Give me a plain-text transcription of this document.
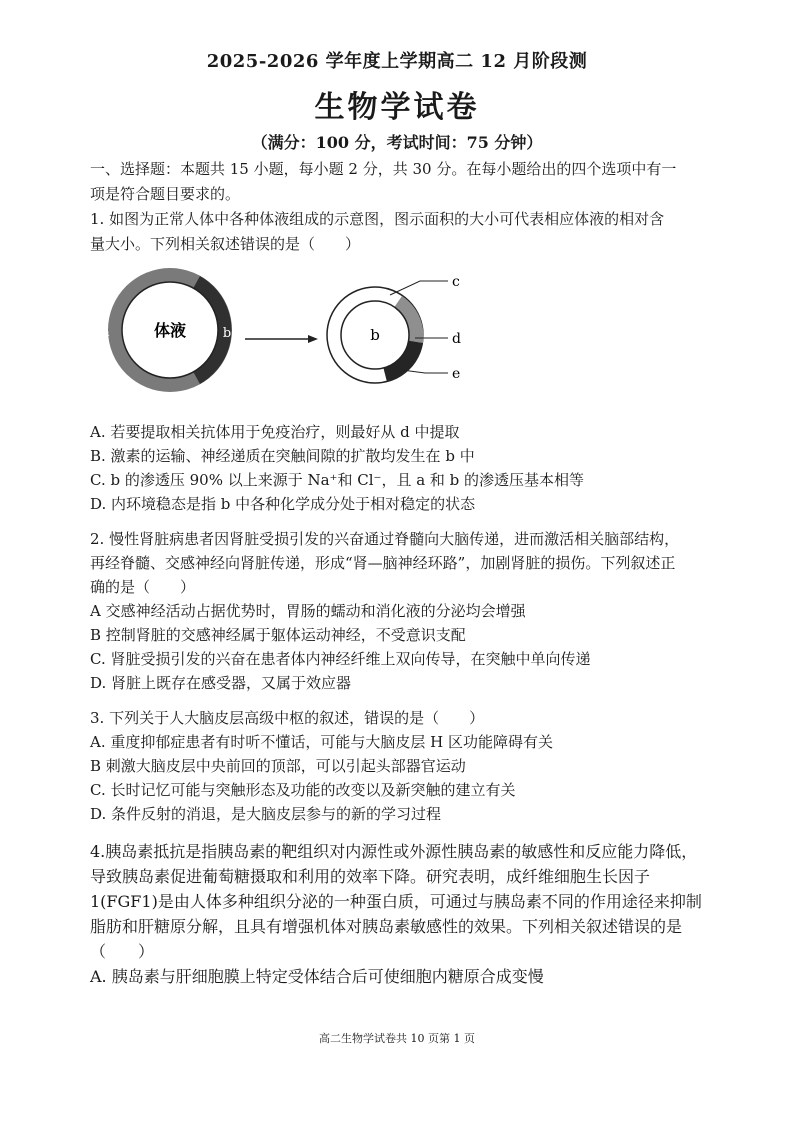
2025-2026 学年度上学期高二 12 月阶段测
生物学试卷
（满分：100 分，考试时间：75 分钟）
一、选择题：本题共 15 小题，每小题 2 分，共 30 分。在每小题给出的四个选项中有一
项是符合题目要求的。
1. 如图为正常人体中各种体液组成的示意图，图示面积的大小可代表相应体液的相对含
量大小。下列相关叙述错误的是（　　）
体液
a	b	b
c
d
e
A. 若要提取相关抗体用于免疫治疗，则最好从 d 中提取
B. 激素的运输、神经递质在突触间隙的扩散均发生在 b 中
C. b 的渗透压 90% 以上来源于 Na⁺和 Cl⁻，且 a 和 b 的渗透压基本相等
D. 内环境稳态是指 b 中各种化学成分处于相对稳定的状态
2. 慢性肾脏病患者因肾脏受损引发的兴奋通过脊髓向大脑传递，进而激活相关脑部结构，
再经脊髓、交感神经向肾脏传递，形成“肾—脑神经环路”，加剧肾脏的损伤。下列叙述正
确的是（　　）
A 交感神经活动占据优势时，胃肠的蠕动和消化液的分泌均会增强
B 控制肾脏的交感神经属于躯体运动神经，不受意识支配
C. 肾脏受损引发的兴奋在患者体内神经纤维上双向传导，在突触中单向传递
D. 肾脏上既存在感受器，又属于效应器
3. 下列关于人大脑皮层高级中枢的叙述，错误的是（　　）
A. 重度抑郁症患者有时听不懂话，可能与大脑皮层 H 区功能障碍有关
B 刺激大脑皮层中央前回的顶部，可以引起头部器官运动
C. 长时记忆可能与突触形态及功能的改变以及新突触的建立有关
D. 条件反射的消退，是大脑皮层参与的新的学习过程
4.胰岛素抵抗是指胰岛素的靶组织对内源性或外源性胰岛素的敏感性和反应能力降低，
导致胰岛素促进葡萄糖摄取和利用的效率下降。研究表明，成纤维细胞生长因子
1(FGF1)是由人体多种组织分泌的一种蛋白质，可通过与胰岛素不同的作用途径来抑制
脂肪和肝糖原分解，且具有增强机体对胰岛素敏感性的效果。下列相关叙述错误的是
（　　）
A. 胰岛素与肝细胞膜上特定受体结合后可使细胞内糖原合成变慢
高二生物学试卷共 10 页第 1 页
